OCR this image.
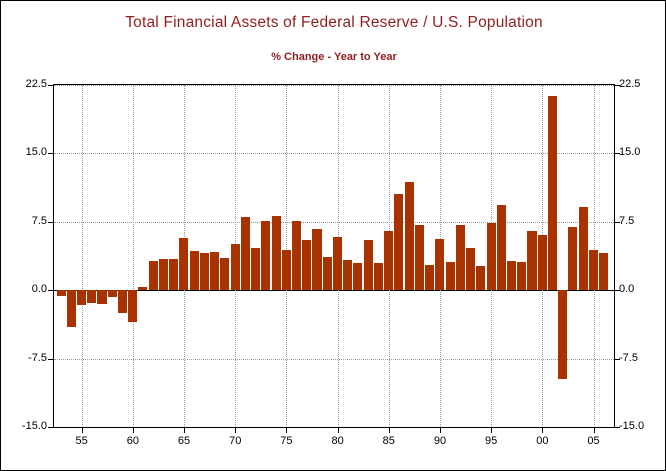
Total Financial Assets of Federal Reserve / U.S. Population
% Change - Year to Year
-15.0	-15.0
-7.5	-7.5
0.0	0.0
7.5	7.5
15.0	15.0
22.5	22.5
55	60	65	70	75	80	85	90	95	00	05
